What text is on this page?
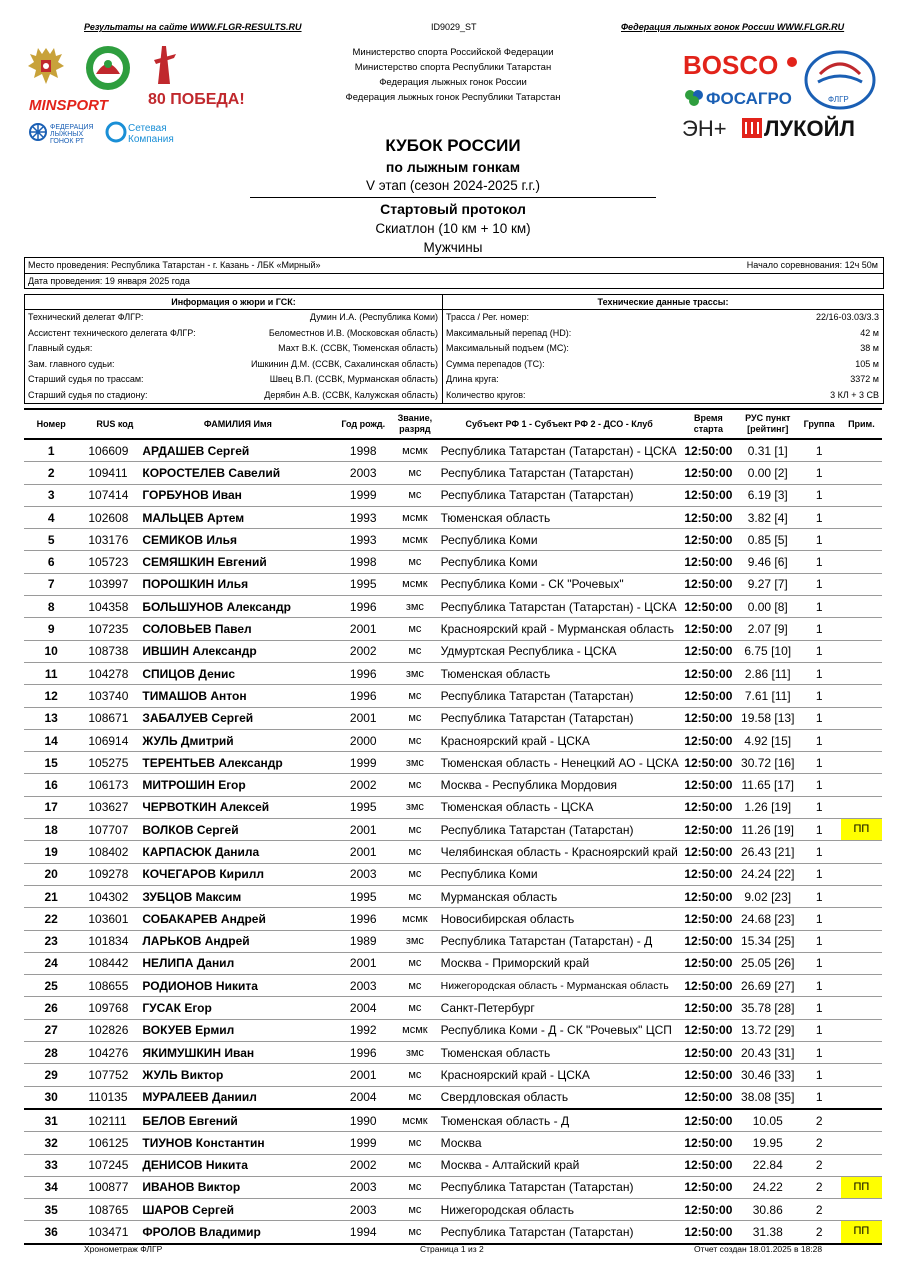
Результаты на сайте WWW.FLGR-RESULTS.RU	ID9029_ST	Федерация лыжных гонок России WWW.FLGR.RU
80 ПОБЕДА!
MINSPORT
ФЕДЕРАЦИЯ
ЛЫЖНЫХ
ГОНОК РТ
Сетевая
Компания
Министерство спорта Российской Федерации
Министерство спорта Республики Татарстан
Федерация лыжных гонок России
Федерация лыжных гонок Республики Татарстан
BOSCO
ФЛГР
ФОСАГРО
ЭН+ ЛУКОЙЛ
КУБОК РОССИИ
по лыжным гонкам
V этап (сезон 2024-2025 г.г.)
Стартовый протокол
Скиатлон (10 км + 10 км)
Мужчины
Место проведения: Республика Татарстан - г. Казань - ЛБК «Мирный»	Начало соревнования: 12ч 50м
Дата проведения: 19 января 2025 года
Информация о жюри и ГСК:
Технический делегат ФЛГР:	Думин И.А. (Республика Коми)
Ассистент технического делегата ФЛГР:	Беломестнов И.В. (Московская область)
Главный судья:	Махт В.К. (ССВК, Тюменская область)
Зам. главного судьи:	Ишкинин Д.М. (ССВК, Сахалинская область)
Старший судья по трассам:	Швец В.П. (ССВК, Мурманская область)
Старший судья по стадиону:	Дерябин А.В. (ССВК, Калужская область)
Технические данные трассы:
Трасса / Рег. номер:	22/16-03.03/3.3
Максимальный перепад (HD):	42 м
Максимальный подъем (MC):	38 м
Сумма перепадов (TC):	105 м
Длина круга:	3372 м
Количество кругов:	3 КЛ + 3 СВ
Номер	RUS код	ФАМИЛИЯ Имя	Год рожд.	Звание, разряд	Субъект РФ 1 - Субъект РФ 2 - ДСО - Клуб	Время старта	РУС пункт [рейтинг]	Группа	Прим.
1	106609	АРДАШЕВ Сергей	1998	мсмк	Республика Татарстан (Татарстан) - ЦСКА	12:50:00	0.31 [1]	1	
2	109411	КОРОСТЕЛЕВ Савелий	2003	мс	Республика Татарстан (Татарстан)	12:50:00	0.00 [2]	1	
3	107414	ГОРБУНОВ Иван	1999	мс	Республика Татарстан (Татарстан)	12:50:00	6.19 [3]	1	
4	102608	МАЛЬЦЕВ Артем	1993	мсмк	Тюменская область	12:50:00	3.82 [4]	1	
5	103176	СЕМИКОВ Илья	1993	мсмк	Республика Коми	12:50:00	0.85 [5]	1	
6	105723	СЕМЯШКИН Евгений	1998	мс	Республика Коми	12:50:00	9.46 [6]	1	
7	103997	ПОРОШКИН Илья	1995	мсмк	Республика Коми - СК "Рочевых"	12:50:00	9.27 [7]	1	
8	104358	БОЛЬШУНОВ Александр	1996	змс	Республика Татарстан (Татарстан) - ЦСКА	12:50:00	0.00 [8]	1	
9	107235	СОЛОВЬЕВ Павел	2001	мс	Красноярский край - Мурманская область	12:50:00	2.07 [9]	1	
10	108738	ИВШИН Александр	2002	мс	Удмуртская Республика - ЦСКА	12:50:00	6.75 [10]	1	
11	104278	СПИЦОВ Денис	1996	змс	Тюменская область	12:50:00	2.86 [11]	1	
12	103740	ТИМАШОВ Антон	1996	мс	Республика Татарстан (Татарстан)	12:50:00	7.61 [11]	1	
13	108671	ЗАБАЛУЕВ Сергей	2001	мс	Республика Татарстан (Татарстан)	12:50:00	19.58 [13]	1	
14	106914	ЖУЛЬ Дмитрий	2000	мс	Красноярский край - ЦСКА	12:50:00	4.92 [15]	1	
15	105275	ТЕРЕНТЬЕВ Александр	1999	змс	Тюменская область - Ненецкий АО - ЦСКА	12:50:00	30.72 [16]	1	
16	106173	МИТРОШИН Егор	2002	мс	Москва - Республика Мордовия	12:50:00	11.65 [17]	1	
17	103627	ЧЕРВОТКИН Алексей	1995	змс	Тюменская область - ЦСКА	12:50:00	1.26 [19]	1	
18	107707	ВОЛКОВ Сергей	2001	мс	Республика Татарстан (Татарстан)	12:50:00	11.26 [19]	1	ПП

19	108402	КАРПАСЮК Данила	2001	мс	Челябинская область - Красноярский край	12:50:00	26.43 [21]	1	
20	109278	КОЧЕГАРОВ Кирилл	2003	мс	Республика Коми	12:50:00	24.24 [22]	1	
21	104302	ЗУБЦОВ Максим	1995	мс	Мурманская область	12:50:00	9.02 [23]	1	
22	103601	СОБАКАРЕВ Андрей	1996	мсмк	Новосибирская область	12:50:00	24.68 [23]	1	
23	101834	ЛАРЬКОВ Андрей	1989	змс	Республика Татарстан (Татарстан) - Д	12:50:00	15.34 [25]	1	
24	108442	НЕЛИПА Данил	2001	мс	Москва - Приморский край	12:50:00	25.05 [26]	1	
25	108655	РОДИОНОВ Никита	2003	мс	Нижегородская область - Мурманская область	12:50:00	26.69 [27]	1	
26	109768	ГУСАК Егор	2004	мс	Санкт-Петербург	12:50:00	35.78 [28]	1	
27	102826	ВОКУЕВ Ермил	1992	мсмк	Республика Коми - Д - СК "Рочевых" ЦСП	12:50:00	13.72 [29]	1	
28	104276	ЯКИМУШКИН Иван	1996	змс	Тюменская область	12:50:00	20.43 [31]	1	
29	107752	ЖУЛЬ Виктор	2001	мс	Красноярский край - ЦСКА	12:50:00	30.46 [33]	1	
30	110135	МУРАЛЕЕВ Даниил	2004	мс	Свердловская область	12:50:00	38.08 [35]	1	
31	102111	БЕЛОВ Евгений	1990	мсмк	Тюменская область - Д	12:50:00	10.05	2	
32	106125	ТИУНОВ Константин	1999	мс	Москва	12:50:00	19.95	2	
33	107245	ДЕНИСОВ Никита	2002	мс	Москва - Алтайский край	12:50:00	22.84	2	
34	100877	ИВАНОВ Виктор	2003	мс	Республика Татарстан (Татарстан)	12:50:00	24.22	2	ПП

35	108765	ШАРОВ Сергей	2003	мс	Нижегородская область	12:50:00	30.86	2	
36	103471	ФРОЛОВ Владимир	1994	мс	Республика Татарстан (Татарстан)	12:50:00	31.38	2	ПП
Хронометраж ФЛГР	Страница 1 из 2	Отчет создан 18.01.2025 в 18:28
